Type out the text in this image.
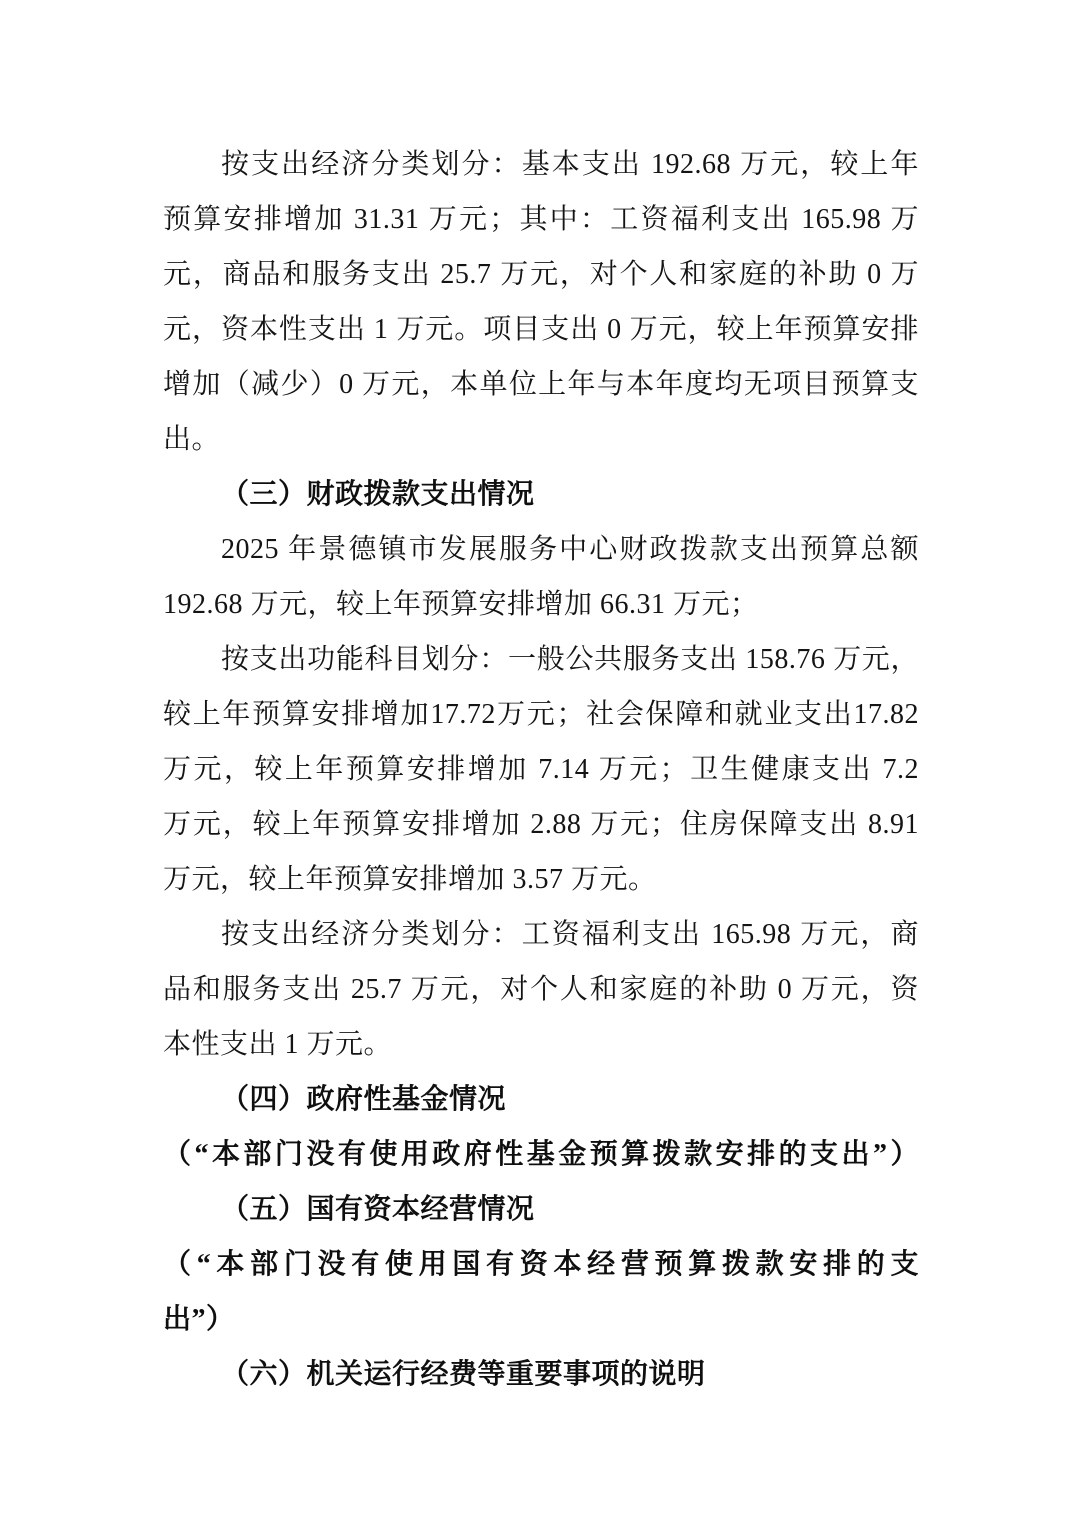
按支出经济分类划分：基本支出 192.68 万元，较上年
预算安排增加 31.31 万元；其中：工资福利支出 165.98 万
元，商品和服务支出 25.7 万元，对个人和家庭的补助 0 万
元，资本性支出 1 万元。项目支出 0 万元，较上年预算安排
增加（减少）0 万元，本单位上年与本年度均无项目预算支
出。
（三）财政拨款支出情况
2025 年景德镇市发展服务中心财政拨款支出预算总额
192.68 万元，较上年预算安排增加 66.31 万元；
按支出功能科目划分：一般公共服务支出 158.76 万元，
较上年预算安排增加17.72万元；社会保障和就业支出17.82
万元，较上年预算安排增加 7.14 万元；卫生健康支出 7.2
万元，较上年预算安排增加 2.88 万元；住房保障支出 8.91
万元，较上年预算安排增加 3.57 万元。
按支出经济分类划分：工资福利支出 165.98 万元，商
品和服务支出 25.7 万元，对个人和家庭的补助 0 万元，资
本性支出 1 万元。
（四）政府性基金情况
（“本部门没有使用政府性基金预算拨款安排的支出”）
（五）国有资本经营情况
（“本部门没有使用国有资本经营预算拨款安排的支
出”）
（六）机关运行经费等重要事项的说明
